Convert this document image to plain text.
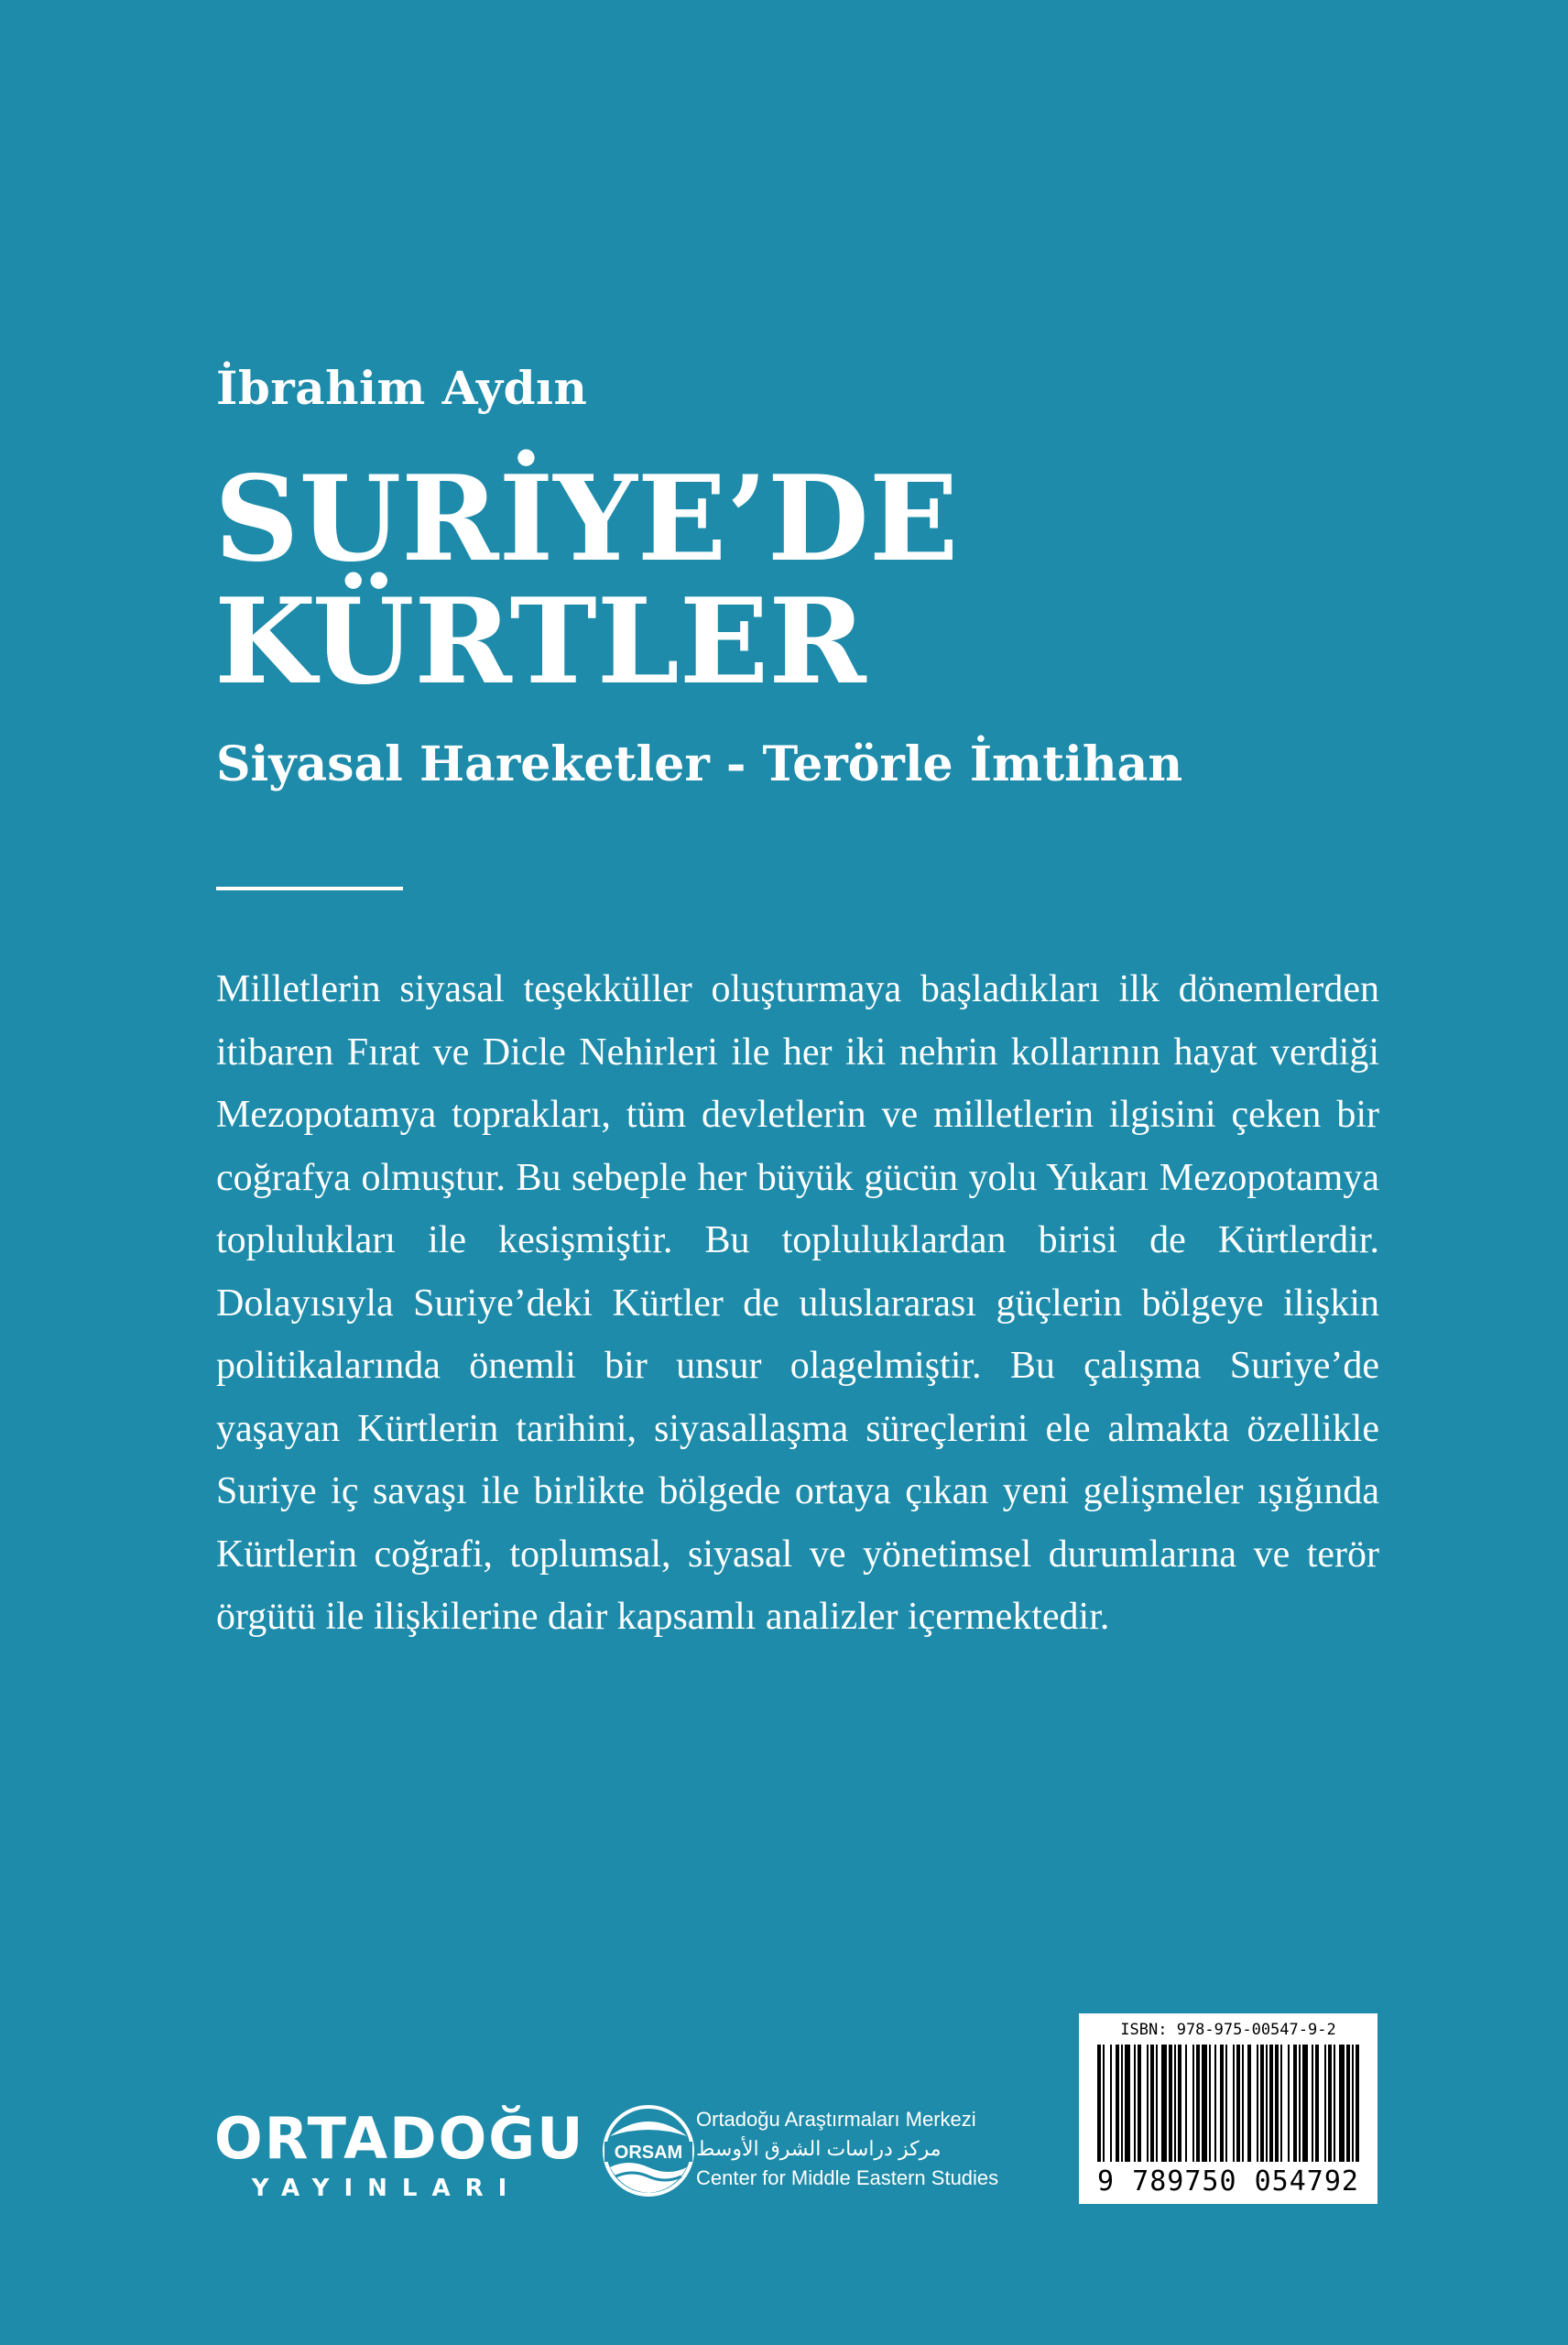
İbrahim Aydın
SURİYE’DE
KÜRTLER
Siyasal Hareketler - Terörle İmtihan
Milletlerin siyasal teşekküller oluşturmaya başladıkları ilk dönemlerden itibaren Fırat ve Dicle Nehirleri ile her iki nehrin kollarının hayat verdiği Mezopotamya toprakları, tüm devletlerin ve milletlerin ilgisini çeken bir coğrafya olmuştur. Bu sebeple her büyük gücün yolu Yukarı Mezopotamya toplulukları ile kesişmiştir. Bu topluluklardan birisi de Kürtlerdir. Dolayısıyla Suriye’deki Kürtler de uluslararası güçlerin bölgeye ilişkin politikalarında önemli bir unsur olagelmiştir. Bu çalışma Suriye’de yaşayan Kürtlerin tarihini, siyasallaşma süreçlerini ele almakta özellikle Suriye iç savaşı ile birlikte bölgede ortaya çıkan yeni gelişmeler ışığında Kürtlerin coğrafi, toplumsal, siyasal ve yönetimsel durumlarına ve terör örgütü ile ilişkilerine dair kapsamlı analizler içermektedir.
ORTADOĞU
YAYINLARI
ORSAM
Ortadoğu Araştırmaları Merkezi
مركز دراسات الشرق الأوسط
Center for Middle Eastern Studies
ISBN: 978-975-00547-9-2
9 789750 054792
